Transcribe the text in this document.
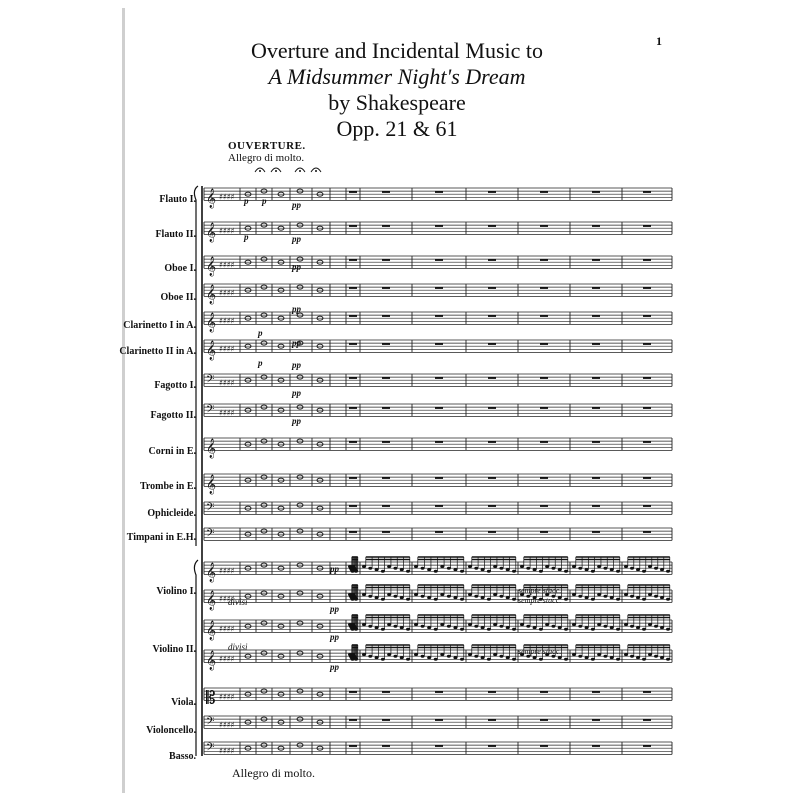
1
Overture and Incidental Music to
A Midsummer Night's Dream
by Shakespeare
Opp. 21 & 61
OUVERTURE.
Allegro di molto.
𝄞 ♯♯♯♯
𝄞 ♯♯♯♯
𝄞 ♯♯♯♯
𝄞 ♯♯♯♯
𝄞 ♯♯♯♯
𝄞 ♯♯♯♯
𝄢 ♯♯♯♯
𝄢 ♯♯♯♯
𝄞
𝄞
𝄢
𝄢
𝄞 ♯♯♯♯
𝄞 ♯♯♯♯
𝄞 ♯♯♯♯
𝄞 ♯♯♯♯
𝄡 ♯♯♯♯
𝄢 ♯♯♯♯
𝄢 ♯♯♯♯
p p	pp
p	pp
pp
pp
p
pp
p	pp
pp
pp
pp
pp
pp
pp
Flauto I.
Flauto II.
Oboe I.
Oboe II.
Clarinetto I in A.
Clarinetto II in A.
Fagotto I.
Fagotto II.
Corni in E.
Trombe in E.
Ophicleide.
Timpani in E.H.
Violino I.
Violino II.
Viola.
Violoncello.
Basso.
divisi
divisi
sempre stacc.
sempre stacc.
sempre stacc.
Allegro di molto.
